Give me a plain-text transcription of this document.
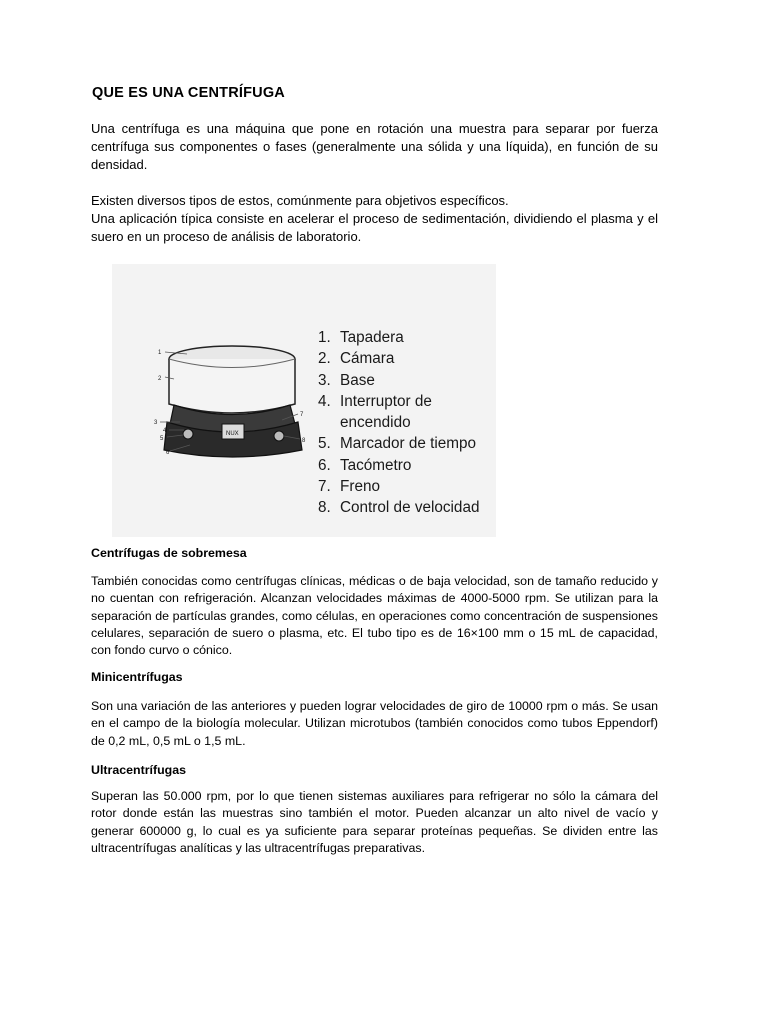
QUE ES UNA CENTRÍFUGA
Una centrífuga es una máquina que pone en rotación una muestra para separar por fuerza centrífuga sus componentes o fases (generalmente una sólida y una líquida), en función de su densidad.
Existen diversos tipos de estos, comúnmente para objetivos específicos.
Una aplicación típica consiste en acelerar el proceso de sedimentación, dividiendo el plasma y el suero en un proceso de análisis de laboratorio.
NUX
1
2
3
4
5
6
7
8
1. Tapadera
2. Cámara
3. Base
4. Interruptor de encendido
5. Marcador de tiempo
6. Tacómetro
7. Freno
8. Control de velocidad
Centrífugas de sobremesa
También conocidas como centrífugas clínicas, médicas o de baja velocidad, son de tamaño reducido y no cuentan con refrigeración. Alcanzan velocidades máximas de 4000-5000 rpm. Se utilizan para la separación de partículas grandes, como células, en operaciones como concentración de suspensiones celulares, separación de suero o plasma, etc. El tubo tipo es de 16×100 mm o 15 mL de capacidad, con fondo curvo o cónico.
Minicentrífugas
Son una variación de las anteriores y pueden lograr velocidades de giro de 10000 rpm o más. Se usan en el campo de la biología molecular. Utilizan microtubos (también conocidos como tubos Eppendorf) de 0,2 mL, 0,5 mL o 1,5 mL.
Ultracentrífugas
Superan las 50.000 rpm, por lo que tienen sistemas auxiliares para refrigerar no sólo la cámara del rotor donde están las muestras sino también el motor. Pueden alcanzar un alto nivel de vacío y generar 600000 g, lo cual es ya suficiente para separar proteínas pequeñas. Se dividen entre las ultracentrífugas analíticas y las ultracentrífugas preparativas.
